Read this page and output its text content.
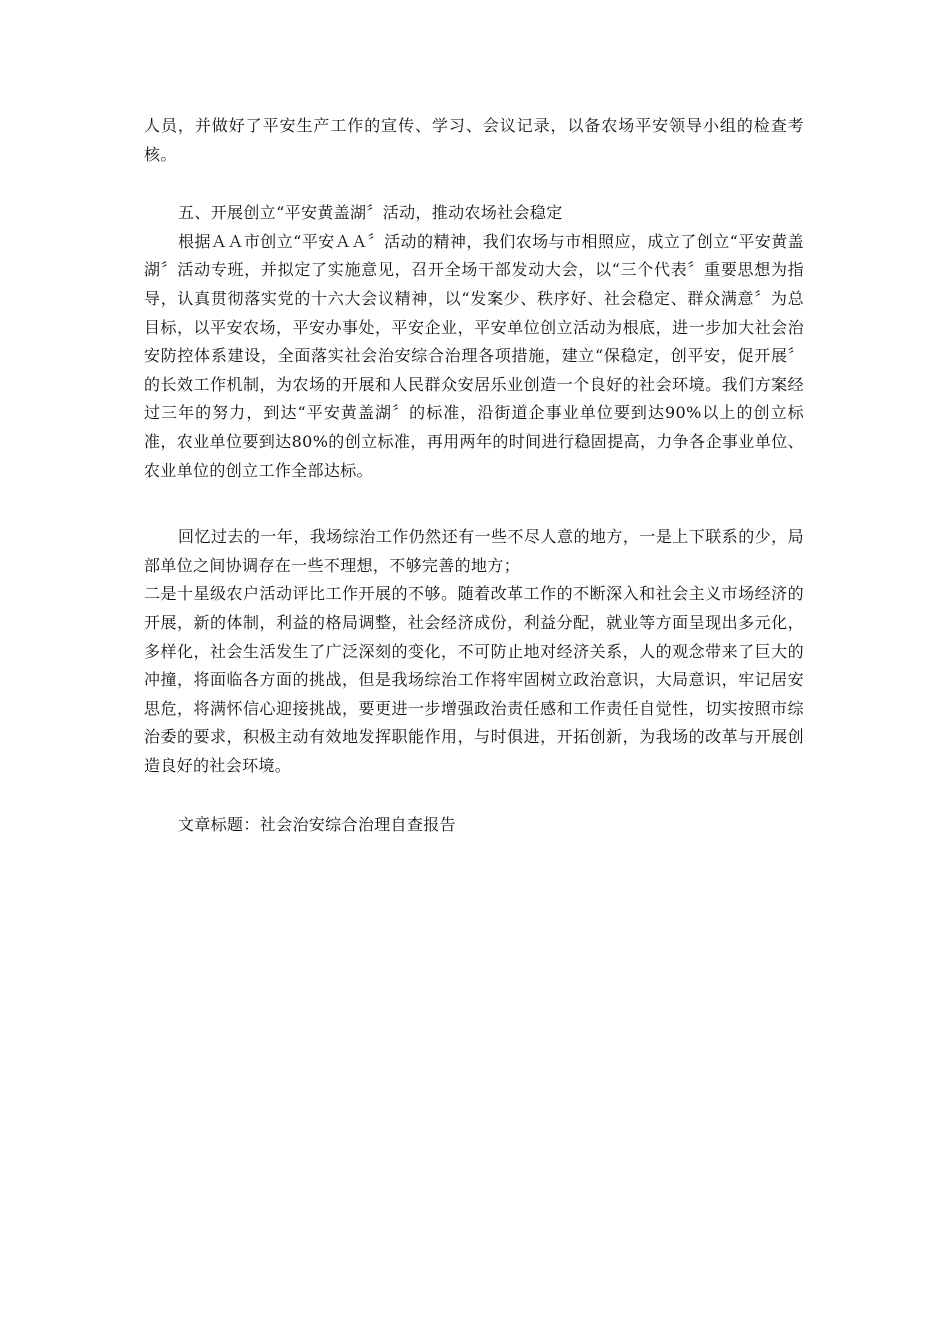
人员，并做好了平安生产工作的宣传、学习、会议记录，以备农场平安领导小组的检查考核。

五、开展创立“平安黄盖湖〞活动，推动农场社会稳定

根据ＡＡ市创立“平安ＡＡ〞活动的精神，我们农场与市相照应，成立了创立“平安黄盖湖〞活动专班，并拟定了实施意见，召开全场干部发动大会，以“三个代表〞重要思想为指导，认真贯彻落实党的十六大会议精神，以“发案少、秩序好、社会稳定、群众满意〞为总目标，以平安农场，平安办事处，平安企业，平安单位创立活动为根底，进一步加大社会治安防控体系建设，全面落实社会治安综合治理各项措施，建立“保稳定，创平安，促开展〞的长效工作机制，为农场的开展和人民群众安居乐业创造一个良好的社会环境。我们方案经过三年的努力，到达“平安黄盖湖〞的标准，沿街道企事业单位要到达90%以上的创立标准，农业单位要到达80%的创立标准，再用两年的时间进行稳固提高，力争各企事业单位、农业单位的创立工作全部达标。

回忆过去的一年，我场综治工作仍然还有一些不尽人意的地方，一是上下联系的少，局部单位之间协调存在一些不理想，不够完善的地方；

二是十星级农户活动评比工作开展的不够。随着改革工作的不断深入和社会主义市场经济的开展，新的体制，利益的格局调整，社会经济成份，利益分配，就业等方面呈现出多元化，多样化，社会生活发生了广泛深刻的变化，不可防止地对经济关系，人的观念带来了巨大的冲撞，将面临各方面的挑战，但是我场综治工作将牢固树立政治意识，大局意识，牢记居安思危，将满怀信心迎接挑战，要更进一步增强政治责任感和工作责任自觉性，切实按照市综治委的要求，积极主动有效地发挥职能作用，与时俱进，开拓创新，为我场的改革与开展创造良好的社会环境。

文章标题：社会治安综合治理自查报告
